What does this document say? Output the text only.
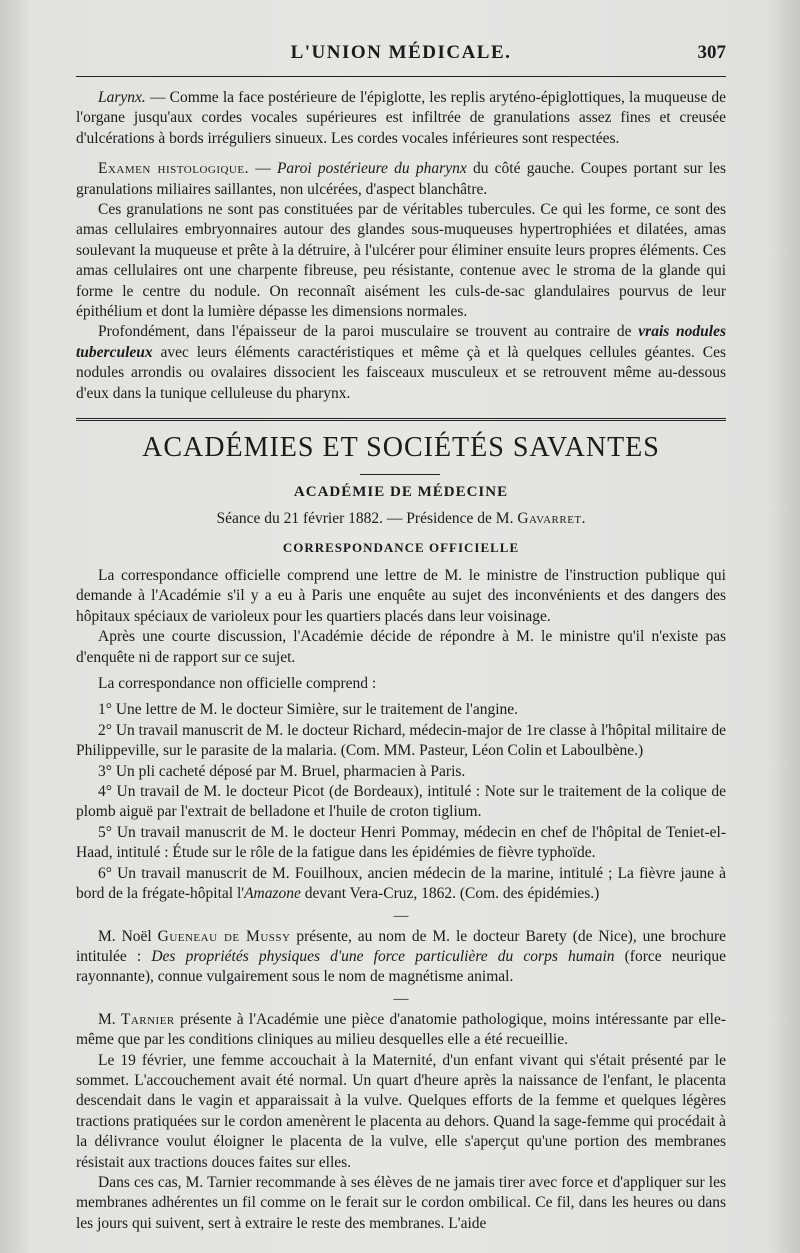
L'UNION MÉDICALE.	307

Larynx. — Comme la face postérieure de l'épiglotte, les replis aryténo-épiglottiques, la muqueuse de l'organe jusqu'aux cordes vocales supérieures est infiltrée de granulations assez fines et creusée d'ulcérations à bords irréguliers sinueux. Les cordes vocales inférieures sont respectées.

Examen histologique. — Paroi postérieure du pharynx du côté gauche. Coupes portant sur les granulations miliaires saillantes, non ulcérées, d'aspect blanchâtre.

Ces granulations ne sont pas constituées par de véritables tubercules. Ce qui les forme, ce sont des amas cellulaires embryonnaires autour des glandes sous-muqueuses hypertrophiées et dilatées, amas soulevant la muqueuse et prête à la détruire, à l'ulcérer pour éliminer ensuite leurs propres éléments. Ces amas cellulaires ont une charpente fibreuse, peu résistante, contenue avec le stroma de la glande qui forme le centre du nodule. On reconnaît aisément les culs-de-sac glandulaires pourvus de leur épithélium et dont la lumière dépasse les dimensions normales.

Profondément, dans l'épaisseur de la paroi musculaire se trouvent au contraire de vrais nodules tuberculeux avec leurs éléments caractéristiques et même çà et là quelques cellules géantes. Ces nodules arrondis ou ovalaires dissocient les faisceaux musculeux et se retrouvent même au-dessous d'eux dans la tunique celluleuse du pharynx.

ACADÉMIES ET SOCIÉTÉS SAVANTES
ACADÉMIE DE MÉDECINE
Séance du 21 février 1882. — Présidence de M. Gavarret.
CORRESPONDANCE OFFICIELLE

La correspondance officielle comprend une lettre de M. le ministre de l'instruction publique qui demande à l'Académie s'il y a eu à Paris une enquête au sujet des inconvénients et des dangers des hôpitaux spéciaux de varioleux pour les quartiers placés dans leur voisinage.

Après une courte discussion, l'Académie décide de répondre à M. le ministre qu'il n'existe pas d'enquête ni de rapport sur ce sujet.

La correspondance non officielle comprend :

1° Une lettre de M. le docteur Simière, sur le traitement de l'angine.

2° Un travail manuscrit de M. le docteur Richard, médecin-major de 1re classe à l'hôpital militaire de Philippeville, sur le parasite de la malaria. (Com. MM. Pasteur, Léon Colin et Laboulbène.)

3° Un pli cacheté déposé par M. Bruel, pharmacien à Paris.

4° Un travail de M. le docteur Picot (de Bordeaux), intitulé : Note sur le traitement de la colique de plomb aiguë par l'extrait de belladone et l'huile de croton tiglium.

5° Un travail manuscrit de M. le docteur Henri Pommay, médecin en chef de l'hôpital de Teniet-el-Haad, intitulé : Étude sur le rôle de la fatigue dans les épidémies de fièvre typhoïde.

6° Un travail manuscrit de M. Fouilhoux, ancien médecin de la marine, intitulé ; La fièvre jaune à bord de la frégate-hôpital l'Amazone devant Vera-Cruz, 1862. (Com. des épidémies.)

—

M. Noël Gueneau de Mussy présente, au nom de M. le docteur Barety (de Nice), une brochure intitulée : Des propriétés physiques d'une force particulière du corps humain (force neurique rayonnante), connue vulgairement sous le nom de magnétisme animal.

—

M. Tarnier présente à l'Académie une pièce d'anatomie pathologique, moins intéressante par elle-même que par les conditions cliniques au milieu desquelles elle a été recueillie.

Le 19 février, une femme accouchait à la Maternité, d'un enfant vivant qui s'était présenté par le sommet. L'accouchement avait été normal. Un quart d'heure après la naissance de l'enfant, le placenta descendait dans le vagin et apparaissait à la vulve. Quelques efforts de la femme et quelques légères tractions pratiquées sur le cordon amenèrent le placenta au dehors. Quand la sage-femme qui procédait à la délivrance voulut éloigner le placenta de la vulve, elle s'aperçut qu'une portion des membranes résistait aux tractions douces faites sur elles.

Dans ces cas, M. Tarnier recommande à ses élèves de ne jamais tirer avec force et d'appliquer sur les membranes adhérentes un fil comme on le ferait sur le cordon ombilical. Ce fil, dans les heures ou dans les jours qui suivent, sert à extraire le reste des membranes. L'aide
